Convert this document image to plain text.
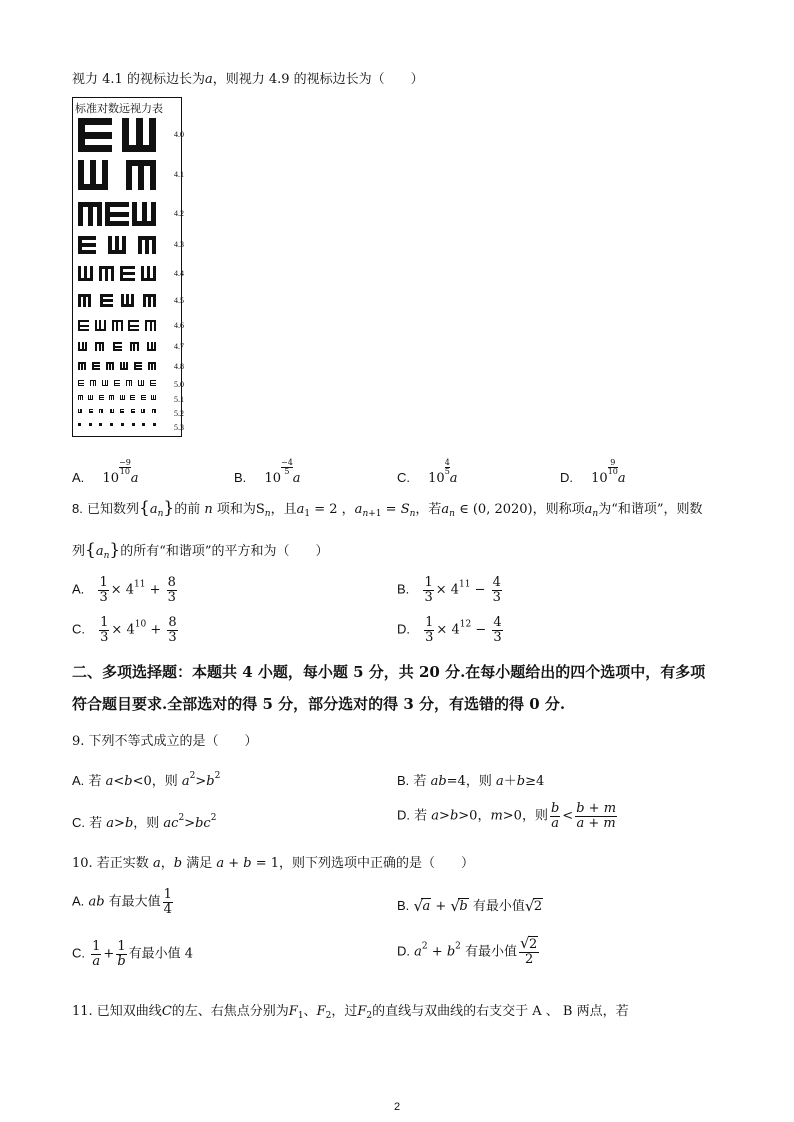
视力 4.1 的视标边长为a，则视力 4.9 的视标边长为（　　）
标准对数远视力表
4.0
4.1
4.2
4.3
4.4
4.5
4.6
4.7
4.8
5.0
5.1
5.2
5.3
A. 10
$\frac{-9}{10}$
a	B. 10
$\frac{-4}{5}$
a	C. 10
$\frac{4}{5}$
a	D. 10
$\frac{9}{10}$
a
8. 已知数列$\{a_n\}$的前 n 项和为$S_n$，且$a_1 = 2$ ，$a_{n+1} = S_n$，若$a_n$ ∈ (0, 2020)，则称项$a_n$为“和谐项”，则数
列$\{a_n\}$的所有“和谐项”的平方和为（　　）
A. $\frac{1}{3} \times 4^{11} + \frac{8}{3}$	B. $\frac{1}{3} \times 4^{11} - \frac{4}{3}$
C. $\frac{1}{3} \times 4^{10} + \frac{8}{3}$	D. $\frac{1}{3} \times 4^{12} - \frac{4}{3}$
二、多项选择题：本题共 4 小题，每小题 5 分，共 20 分.在每小题给出的四个选项中，有多项
符合题目要求.全部选对的得 5 分，部分选对的得 3 分，有选错的得 0 分.
9. 下列不等式成立的是（　　）
A. 若 a<b<0，则 $a^2>b^2$	B. 若 ab=4，则 a＋b≥4
C. 若 a>b，则 $ac^2>bc^2$	D. 若 a>b>0，m>0，则 $\frac{b}{a} < \frac{b + m}{a + m}$
10. 若正实数 a，b 满足 a + b = 1，则下列选项中正确的是（　　）
A. ab 有最大值 $\frac{1}{4}$	B. √ a + √ b 有最小值 √ 2
C. $\frac{1}{a} + \frac{1}{b}$ 有最小值 4	D. $a^2 + b^2$ 有最小值 $\frac{√ 2}{2}$
11. 已知双曲线C的左、右焦点分别为$F_1$、$F_2$，过$F_2$的直线与双曲线的右支交于 A 、 B 两点，若
2
